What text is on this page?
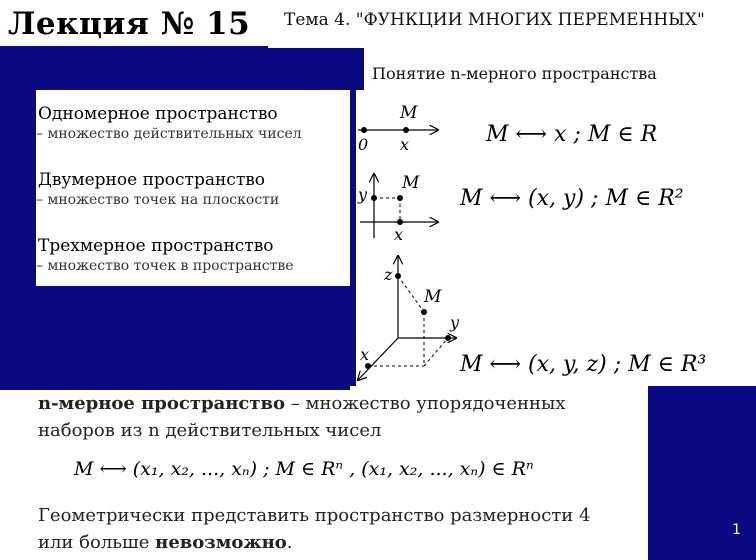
Лекция № 15 Тема 4. "ФУНКЦИИ МНОГИХ ПЕРЕМЕННЫХ"
Понятие n-мерного пространства
Одномерное пространство
– множество действительных чисел
Двумерное пространство
– множество точек на плоскости
Трехмерное пространство
– множество точек в пространстве
M ⟷ x ; M ∈ R
M ⟷ (x, y) ; M ∈ R²
M ⟷ (x, y, z) ; M ∈ R³
M
x
0
M
y
x
M
z
y
x
n-мерное пространство – множество упорядоченных
наборов из n действительных чисел
M ⟷ (x₁, x₂, ..., xₙ) ; M ∈ Rⁿ , (x₁, x₂, ..., xₙ) ∈ Rⁿ
Геометрически представить пространство размерности 4
или больше невозможно.
1
